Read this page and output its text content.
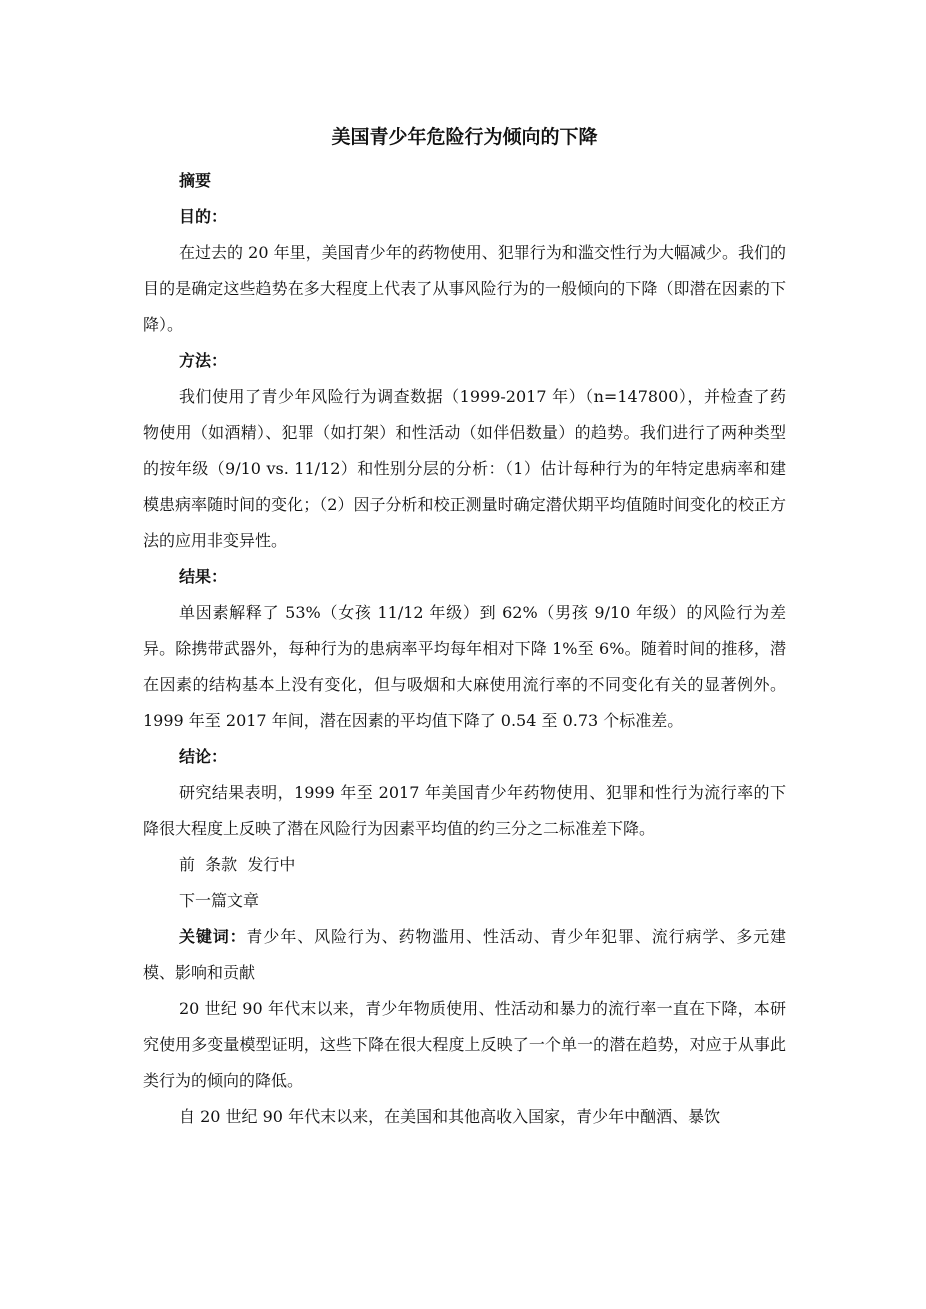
美国青少年危险行为倾向的下降

摘要

目的：

在过去的 20 年里，美国青少年的药物使用、犯罪行为和滥交性行为大幅减少。我们的目的是确定这些趋势在多大程度上代表了从事风险行为的一般倾向的下降（即潜在因素的下降）。

方法：

我们使用了青少年风险行为调查数据（1999-2017 年）（n=147800），并检查了药物使用（如酒精）、犯罪（如打架）和性活动（如伴侣数量）的趋势。我们进行了两种类型的按年级（9/10 vs. 11/12）和性别分层的分析：（1）估计每种行为的年特定患病率和建模患病率随时间的变化；（2）因子分析和校正测量时确定潜伏期平均值随时间变化的校正方法的应用非变异性。

结果：

单因素解释了 53%（女孩 11/12 年级）到 62%（男孩 9/10 年级）的风险行为差异。除携带武器外，每种行为的患病率平均每年相对下降 1%至 6%。随着时间的推移，潜在因素的结构基本上没有变化，但与吸烟和大麻使用流行率的不同变化有关的显著例外。1999 年至 2017 年间，潜在因素的平均值下降了 0.54 至 0.73 个标准差。

结论：

研究结果表明，1999 年至 2017 年美国青少年药物使用、犯罪和性行为流行率的下降很大程度上反映了潜在风险行为因素平均值的约三分之二标准差下降。

前  条款  发行中

下一篇文章

关键词：青少年、风险行为、药物滥用、性活动、青少年犯罪、流行病学、多元建模、影响和贡献

20 世纪 90 年代末以来，青少年物质使用、性活动和暴力的流行率一直在下降，本研究使用多变量模型证明，这些下降在很大程度上反映了一个单一的潜在趋势，对应于从事此类行为的倾向的降低。

自 20 世纪 90 年代末以来，在美国和其他高收入国家，青少年中酗酒、暴饮
